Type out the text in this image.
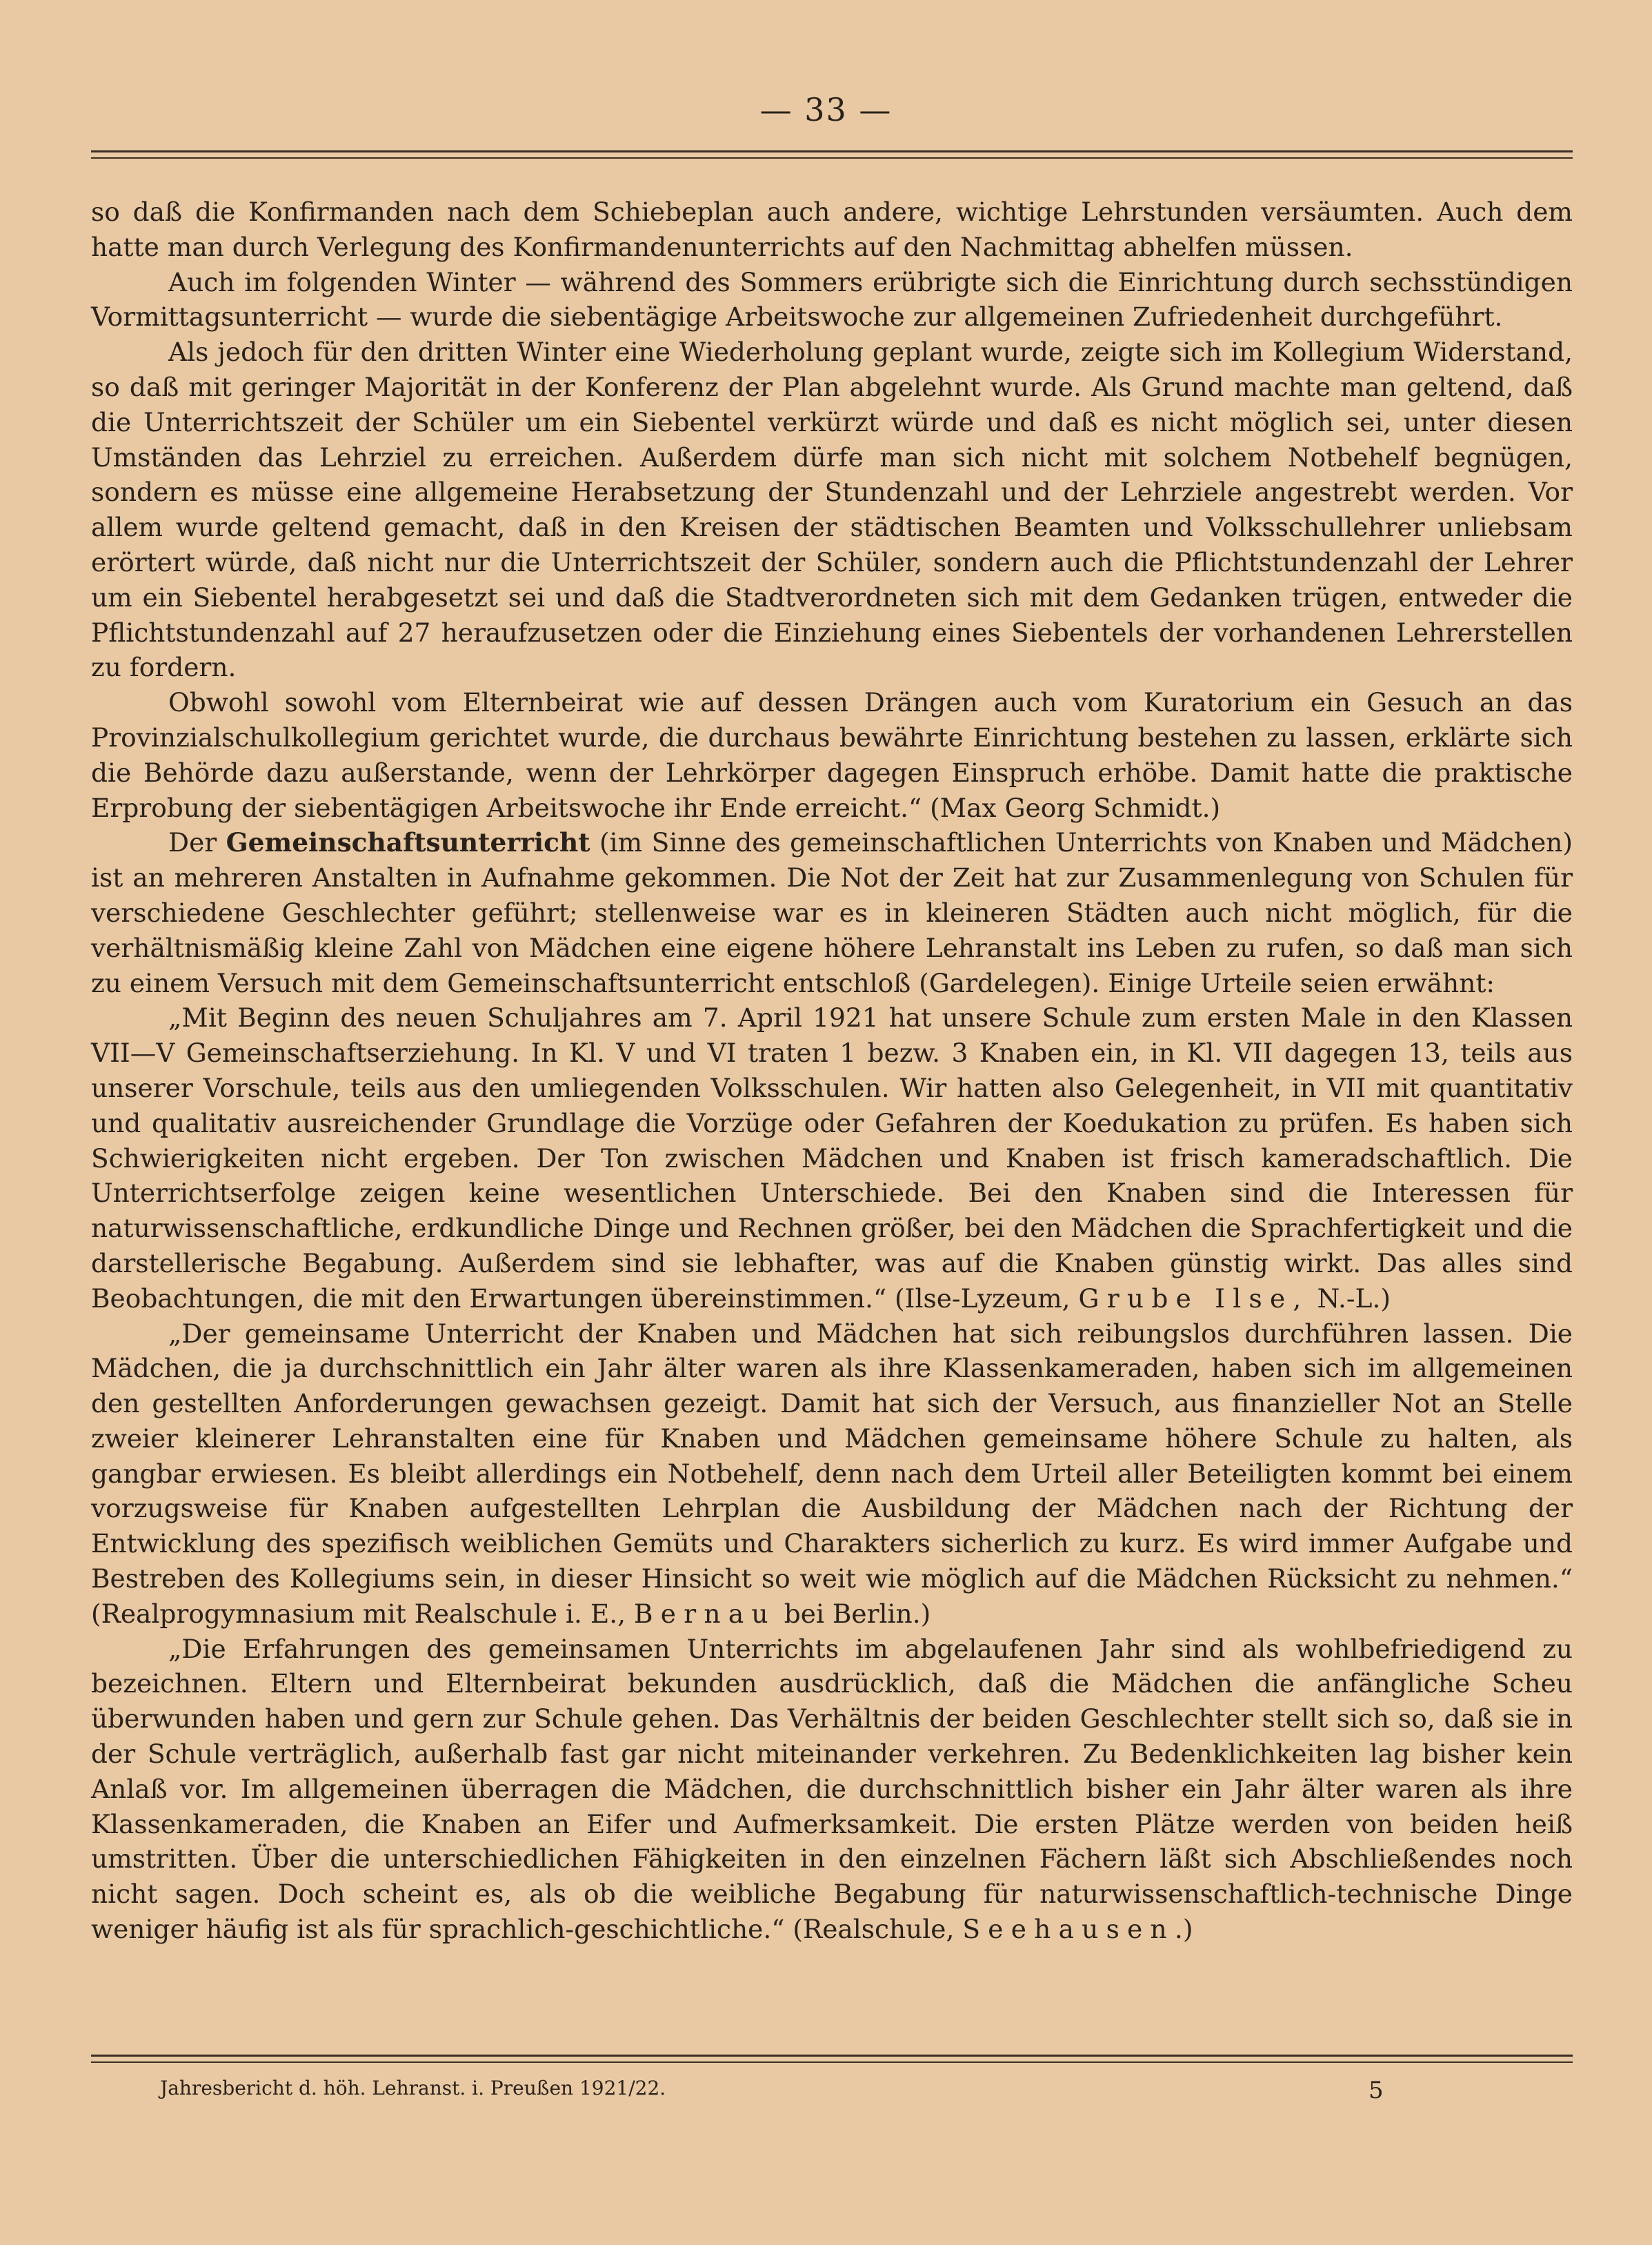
— 33 —

so daß die Konfirmanden nach dem Schiebeplan auch andere, wichtige Lehrstunden versäumten. Auch dem hatte man durch Verlegung des Konfirmandenunterrichts auf den Nachmittag abhelfen müssen.

Auch im folgenden Winter — während des Sommers erübrigte sich die Einrichtung durch sechsstündigen Vormittagsunterricht — wurde die siebentägige Arbeitswoche zur allgemeinen Zufriedenheit durchgeführt.

Als jedoch für den dritten Winter eine Wiederholung geplant wurde, zeigte sich im Kollegium Widerstand, so daß mit geringer Majorität in der Konferenz der Plan abgelehnt wurde. Als Grund machte man geltend, daß die Unterrichtszeit der Schüler um ein Siebentel verkürzt würde und daß es nicht möglich sei, unter diesen Umständen das Lehrziel zu erreichen. Außerdem dürfe man sich nicht mit solchem Notbehelf begnügen, sondern es müsse eine allgemeine Herabsetzung der Stundenzahl und der Lehrziele angestrebt werden. Vor allem wurde geltend gemacht, daß in den Kreisen der städtischen Beamten und Volksschullehrer unliebsam erörtert würde, daß nicht nur die Unterrichtszeit der Schüler, sondern auch die Pflichtstundenzahl der Lehrer um ein Siebentel herabgesetzt sei und daß die Stadtverordneten sich mit dem Gedanken trügen, entweder die Pflichtstundenzahl auf 27 heraufzusetzen oder die Einziehung eines Siebentels der vorhandenen Lehrerstellen zu fordern.

Obwohl sowohl vom Elternbeirat wie auf dessen Drängen auch vom Kuratorium ein Gesuch an das Provinzialschulkollegium gerichtet wurde, die durchaus bewährte Einrichtung bestehen zu lassen, erklärte sich die Behörde dazu außerstande, wenn der Lehrkörper dagegen Einspruch erhöbe. Damit hatte die praktische Erprobung der siebentägigen Arbeitswoche ihr Ende erreicht.“ (Max Georg Schmidt.)

Der Gemeinschaftsunterricht (im Sinne des gemeinschaftlichen Unterrichts von Knaben und Mädchen) ist an mehreren Anstalten in Aufnahme gekommen. Die Not der Zeit hat zur Zusammenlegung von Schulen für verschiedene Geschlechter geführt; stellenweise war es in kleineren Städten auch nicht möglich, für die verhältnismäßig kleine Zahl von Mädchen eine eigene höhere Lehranstalt ins Leben zu rufen, so daß man sich zu einem Versuch mit dem Gemeinschaftsunterricht entschloß (Gardelegen). Einige Urteile seien erwähnt:

„Mit Beginn des neuen Schuljahres am 7. April 1921 hat unsere Schule zum ersten Male in den Klassen VII—V Gemeinschaftserziehung. In Kl. V und VI traten 1 bezw. 3 Knaben ein, in Kl. VII dagegen 13, teils aus unserer Vorschule, teils aus den umliegenden Volksschulen. Wir hatten also Gelegenheit, in VII mit quantitativ und qualitativ ausreichender Grundlage die Vorzüge oder Gefahren der Koedukation zu prüfen. Es haben sich Schwierigkeiten nicht ergeben. Der Ton zwischen Mädchen und Knaben ist frisch kameradschaftlich. Die Unterrichtserfolge zeigen keine wesentlichen Unterschiede. Bei den Knaben sind die Interessen für naturwissenschaftliche, erdkundliche Dinge und Rechnen größer, bei den Mädchen die Sprachfertigkeit und die darstellerische Begabung. Außerdem sind sie lebhafter, was auf die Knaben günstig wirkt. Das alles sind Beobachtungen, die mit den Erwartungen übereinstimmen.“ (Ilse-Lyzeum, Grube Ilse, N.-L.)

„Der gemeinsame Unterricht der Knaben und Mädchen hat sich reibungslos durchführen lassen. Die Mädchen, die ja durchschnittlich ein Jahr älter waren als ihre Klassenkameraden, haben sich im allgemeinen den gestellten Anforderungen gewachsen gezeigt. Damit hat sich der Versuch, aus finanzieller Not an Stelle zweier kleinerer Lehranstalten eine für Knaben und Mädchen gemeinsame höhere Schule zu halten, als gangbar erwiesen. Es bleibt allerdings ein Notbehelf, denn nach dem Urteil aller Beteiligten kommt bei einem vorzugsweise für Knaben aufgestellten Lehrplan die Ausbildung der Mädchen nach der Richtung der Entwicklung des spezifisch weiblichen Gemüts und Charakters sicherlich zu kurz. Es wird immer Aufgabe und Bestreben des Kollegiums sein, in dieser Hinsicht so weit wie möglich auf die Mädchen Rücksicht zu nehmen.“ (Realprogymnasium mit Realschule i. E., Bernau bei Berlin.)

„Die Erfahrungen des gemeinsamen Unterrichts im abgelaufenen Jahr sind als wohlbefriedigend zu bezeichnen. Eltern und Elternbeirat bekunden ausdrücklich, daß die Mädchen die anfängliche Scheu überwunden haben und gern zur Schule gehen. Das Verhältnis der beiden Geschlechter stellt sich so, daß sie in der Schule verträglich, außerhalb fast gar nicht miteinander verkehren. Zu Bedenklichkeiten lag bisher kein Anlaß vor. Im allgemeinen überragen die Mädchen, die durchschnittlich bisher ein Jahr älter waren als ihre Klassenkameraden, die Knaben an Eifer und Aufmerksamkeit. Die ersten Plätze werden von beiden heiß umstritten. Über die unterschiedlichen Fähigkeiten in den einzelnen Fächern läßt sich Abschließendes noch nicht sagen. Doch scheint es, als ob die weibliche Begabung für naturwissenschaftlich-technische Dinge weniger häufig ist als für sprachlich-geschichtliche.“ (Realschule, Seehausen.)

Jahresbericht d. höh. Lehranst. i. Preußen 1921/22.	5
